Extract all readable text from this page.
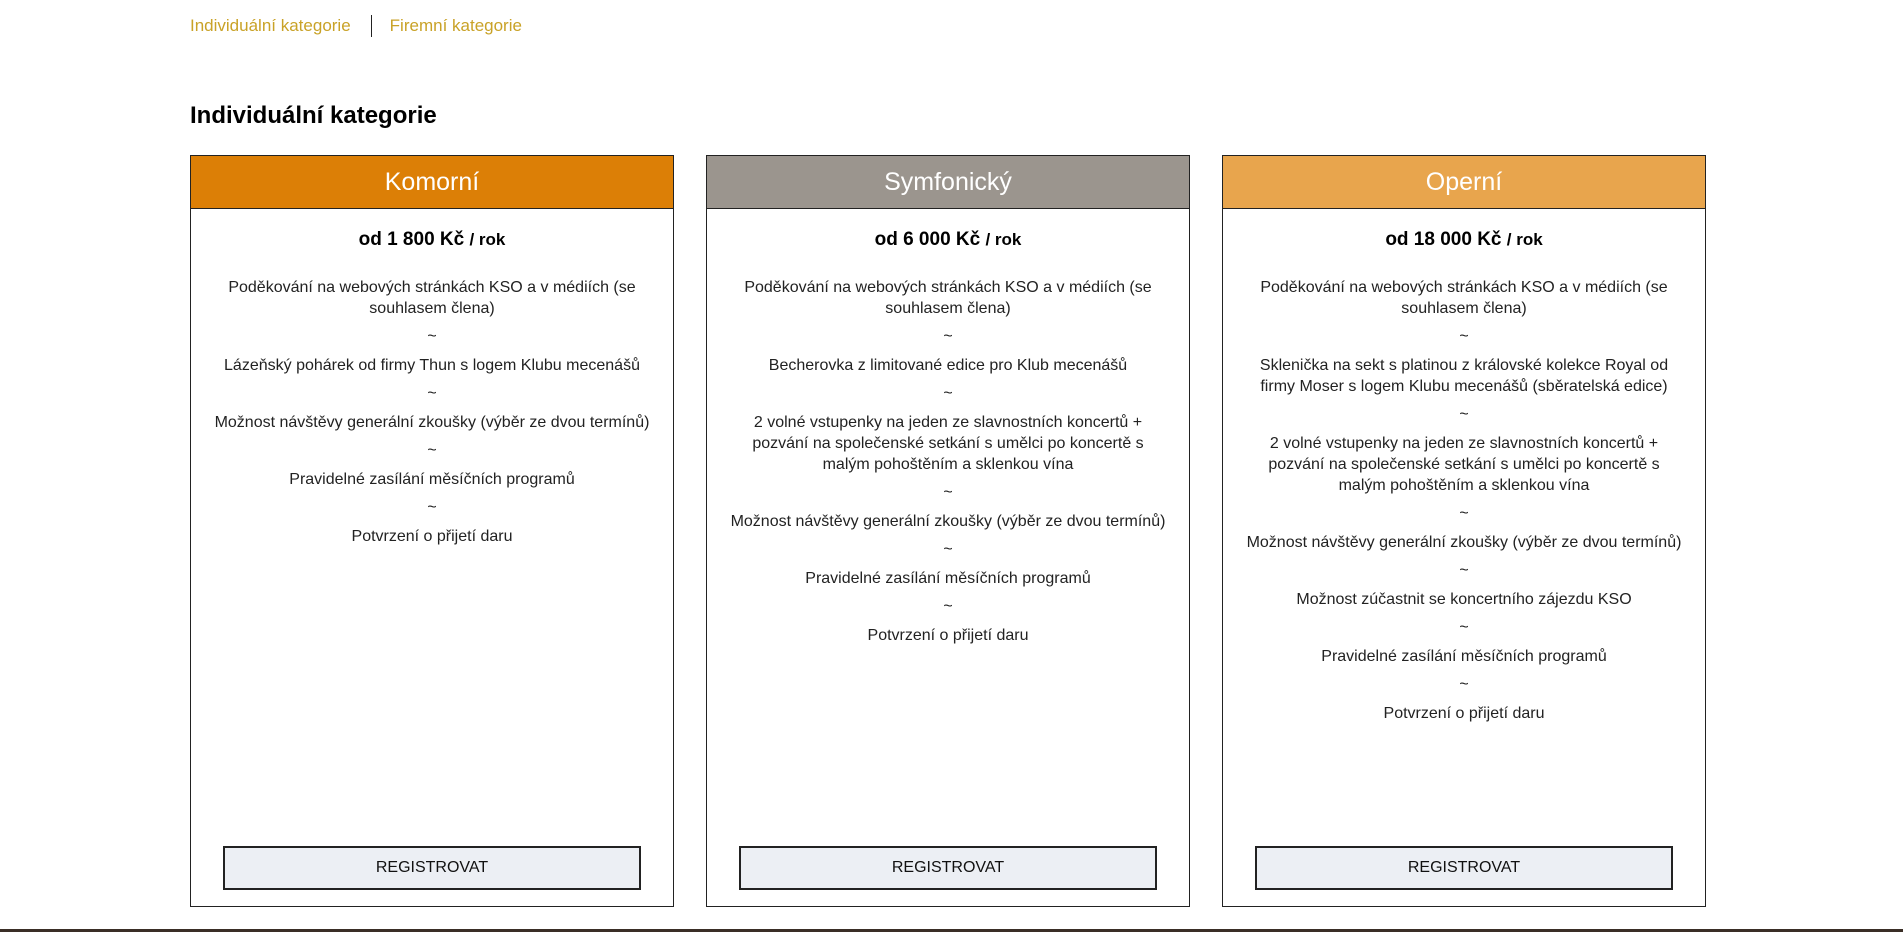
Individuální kategorie Firemní kategorie
Individuální kategorie
Komorní
od 1 800 Kč / rok
Poděkování na webových stránkách KSO a v médiích (se souhlasem člena)
~
Lázeňský pohárek od firmy Thun s logem Klubu mecenášů
~
Možnost návštěvy generální zkoušky (výběr ze dvou termínů)
~
Pravidelné zasílání měsíčních programů
~
Potvrzení o přijetí daru
REGISTROVAT
Symfonický
od 6 000 Kč / rok
Poděkování na webových stránkách KSO a v médiích (se souhlasem člena)
~
Becherovka z limitované edice pro Klub mecenášů
~
2 volné vstupenky na jeden ze slavnostních koncertů + pozvání na společenské setkání s umělci po koncertě s malým pohoštěním a sklenkou vína
~
Možnost návštěvy generální zkoušky (výběr ze dvou termínů)
~
Pravidelné zasílání měsíčních programů
~
Potvrzení o přijetí daru
REGISTROVAT
Operní
od 18 000 Kč / rok
Poděkování na webových stránkách KSO a v médiích (se souhlasem člena)
~
Sklenička na sekt s platinou z královské kolekce Royal od firmy Moser s logem Klubu mecenášů (sběratelská edice)
~
2 volné vstupenky na jeden ze slavnostních koncertů + pozvání na společenské setkání s umělci po koncertě s malým pohoštěním a sklenkou vína
~
Možnost návštěvy generální zkoušky (výběr ze dvou termínů)
~
Možnost zúčastnit se koncertního zájezdu KSO
~
Pravidelné zasílání měsíčních programů
~
Potvrzení o přijetí daru
REGISTROVAT
